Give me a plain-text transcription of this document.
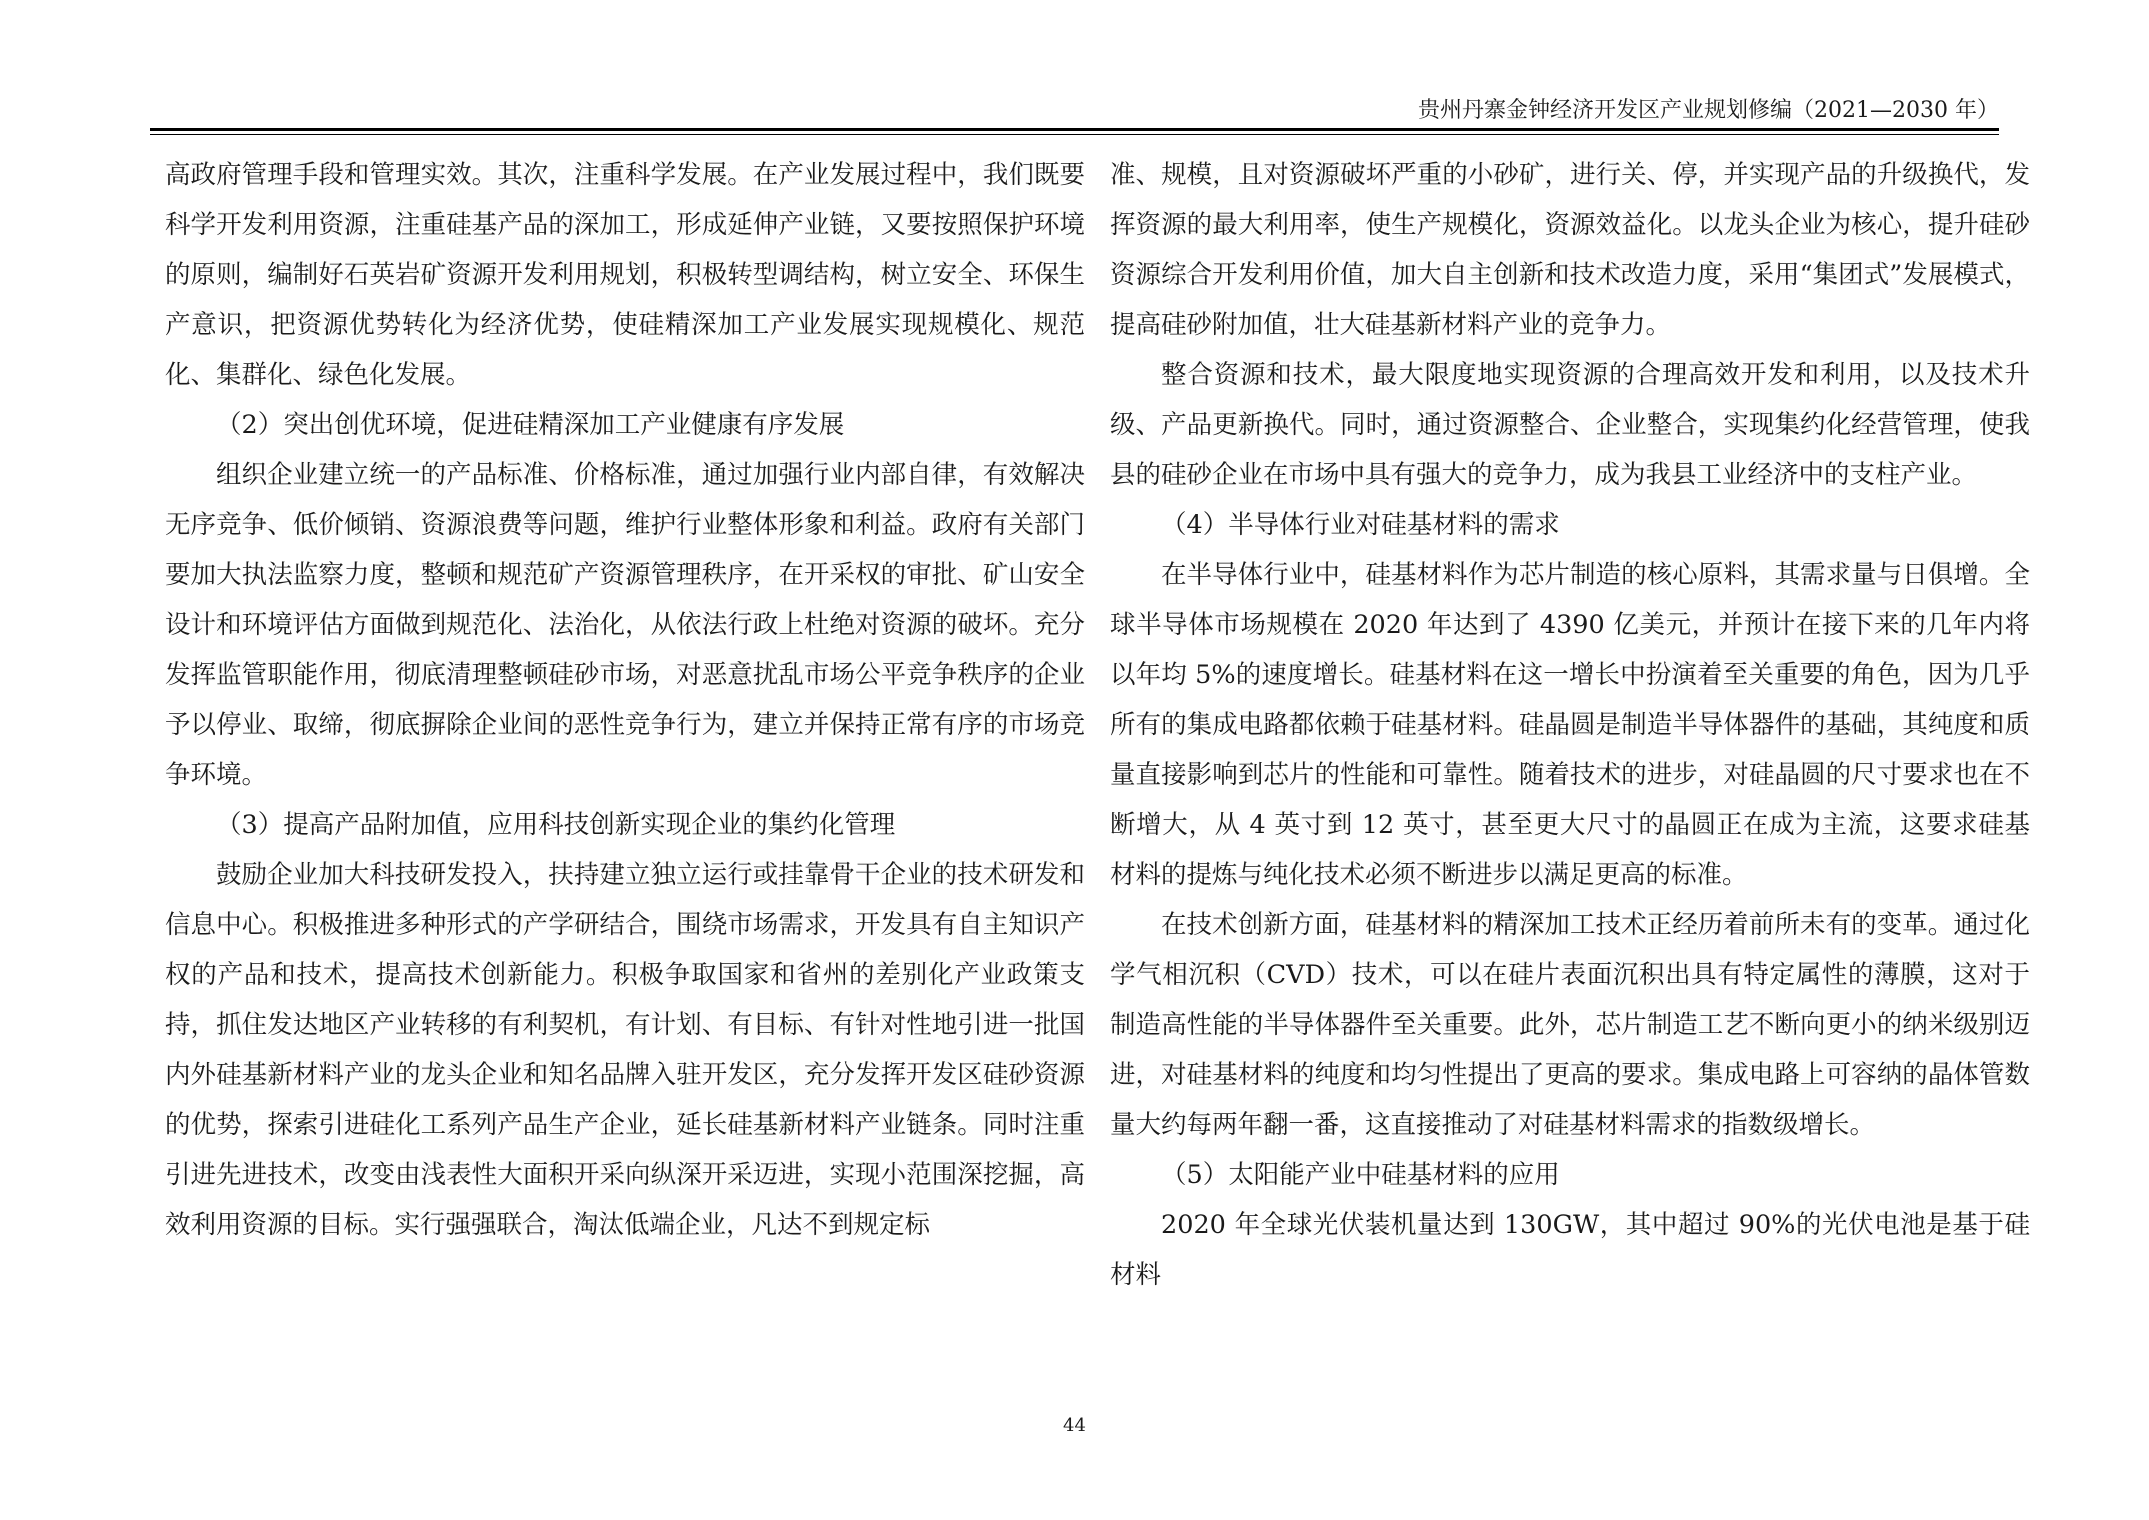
贵州丹寨金钟经济开发区产业规划修编（2021—2030 年）

高政府管理手段和管理实效。其次，注重科学发展。在产业发展过程中，我们既要科学开发利用资源，注重硅基产品的深加工，形成延伸产业链，又要按照保护环境的原则，编制好石英岩矿资源开发利用规划，积极转型调结构，树立安全、环保生产意识，把资源优势转化为经济优势，使硅精深加工产业发展实现规模化、规范化、集群化、绿色化发展。

（2）突出创优环境，促进硅精深加工产业健康有序发展

组织企业建立统一的产品标准、价格标准，通过加强行业内部自律，有效解决无序竞争、低价倾销、资源浪费等问题，维护行业整体形象和利益。政府有关部门要加大执法监察力度，整顿和规范矿产资源管理秩序，在开采权的审批、矿山安全设计和环境评估方面做到规范化、法治化，从依法行政上杜绝对资源的破坏。充分发挥监管职能作用，彻底清理整顿硅砂市场，对恶意扰乱市场公平竞争秩序的企业予以停业、取缔，彻底摒除企业间的恶性竞争行为，建立并保持正常有序的市场竞争环境。

（3）提高产品附加值，应用科技创新实现企业的集约化管理

鼓励企业加大科技研发投入，扶持建立独立运行或挂靠骨干企业的技术研发和信息中心。积极推进多种形式的产学研结合，围绕市场需求，开发具有自主知识产权的产品和技术，提高技术创新能力。积极争取国家和省州的差别化产业政策支持，抓住发达地区产业转移的有利契机，有计划、有目标、有针对性地引进一批国内外硅基新材料产业的龙头企业和知名品牌入驻开发区，充分发挥开发区硅砂资源的优势，探索引进硅化工系列产品生产企业，延长硅基新材料产业链条。同时注重引进先进技术，改变由浅表性大面积开采向纵深开采迈进，实现小范围深挖掘，高效利用资源的目标。实行强强联合，淘汰低端企业，凡达不到规定标

准、规模，且对资源破坏严重的小砂矿，进行关、停，并实现产品的升级换代，发挥资源的最大利用率，使生产规模化，资源效益化。以龙头企业为核心，提升硅砂资源综合开发利用价值，加大自主创新和技术改造力度，采用“集团式”发展模式，提高硅砂附加值，壮大硅基新材料产业的竞争力。

整合资源和技术，最大限度地实现资源的合理高效开发和利用，以及技术升级、产品更新换代。同时，通过资源整合、企业整合，实现集约化经营管理，使我县的硅砂企业在市场中具有强大的竞争力，成为我县工业经济中的支柱产业。

（4）半导体行业对硅基材料的需求

在半导体行业中，硅基材料作为芯片制造的核心原料，其需求量与日俱增。全球半导体市场规模在 2020 年达到了 4390 亿美元，并预计在接下来的几年内将以年均 5%的速度增长。硅基材料在这一增长中扮演着至关重要的角色，因为几乎所有的集成电路都依赖于硅基材料。硅晶圆是制造半导体器件的基础，其纯度和质量直接影响到芯片的性能和可靠性。随着技术的进步，对硅晶圆的尺寸要求也在不断增大，从 4 英寸到 12 英寸，甚至更大尺寸的晶圆正在成为主流，这要求硅基材料的提炼与纯化技术必须不断进步以满足更高的标准。

在技术创新方面，硅基材料的精深加工技术正经历着前所未有的变革。通过化学气相沉积（CVD）技术，可以在硅片表面沉积出具有特定属性的薄膜，这对于制造高性能的半导体器件至关重要。此外，芯片制造工艺不断向更小的纳米级别迈进，对硅基材料的纯度和均匀性提出了更高的要求。集成电路上可容纳的晶体管数量大约每两年翻一番，这直接推动了对硅基材料需求的指数级增长。

（5）太阳能产业中硅基材料的应用

2020 年全球光伏装机量达到 130GW，其中超过 90%的光伏电池是基于硅材料

44
